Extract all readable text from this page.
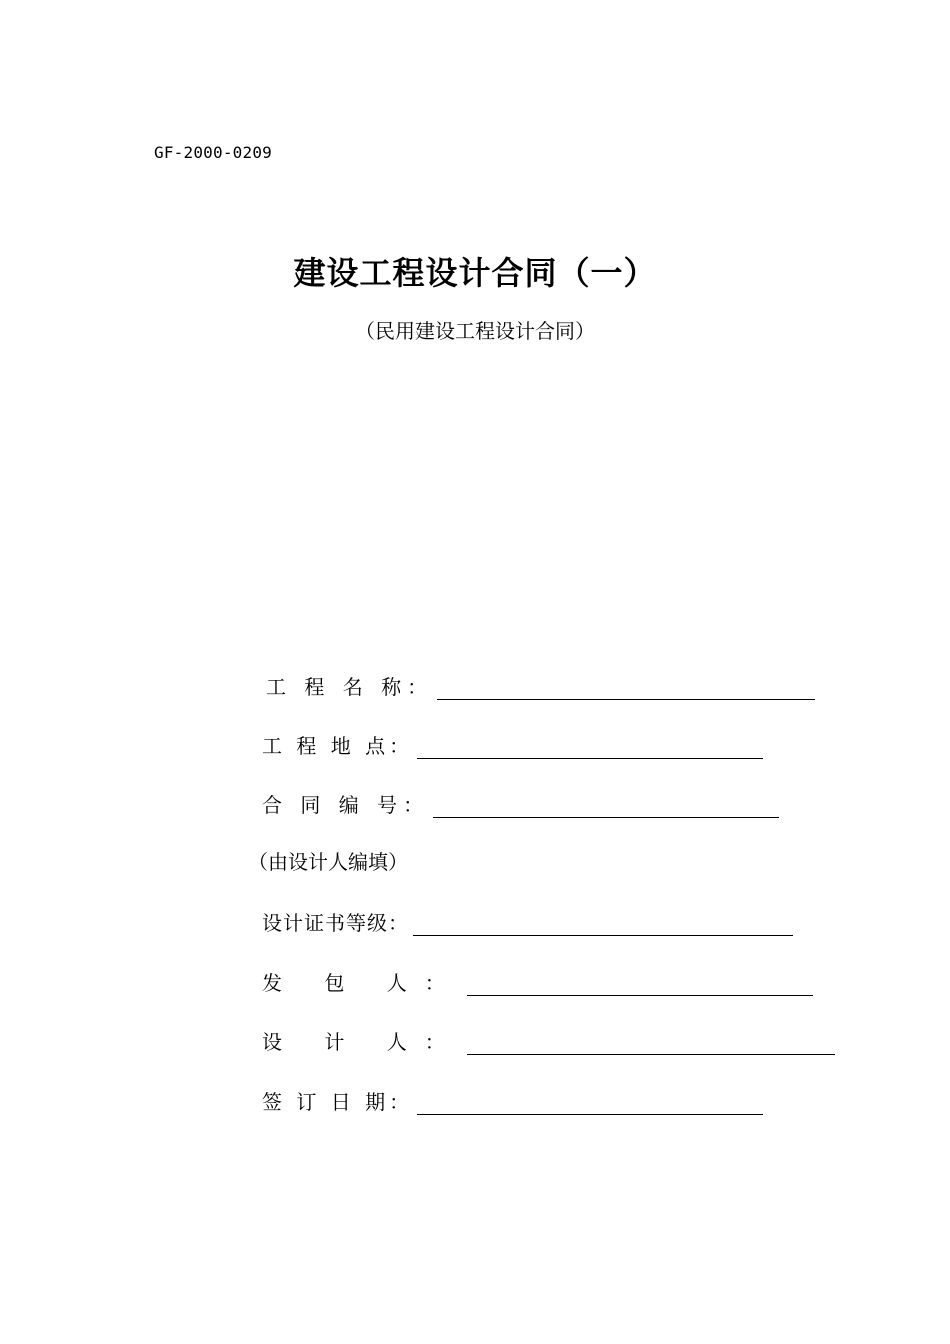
GF-2000-0209
建设工程设计合同（一）
（民用建设工程设计合同）
工 程 名 称：
工 程 地 点：
合 同 编 号：
（由设计人编填）
设计证书等级：
发 包 人：
设 计 人：
签 订 日 期：
